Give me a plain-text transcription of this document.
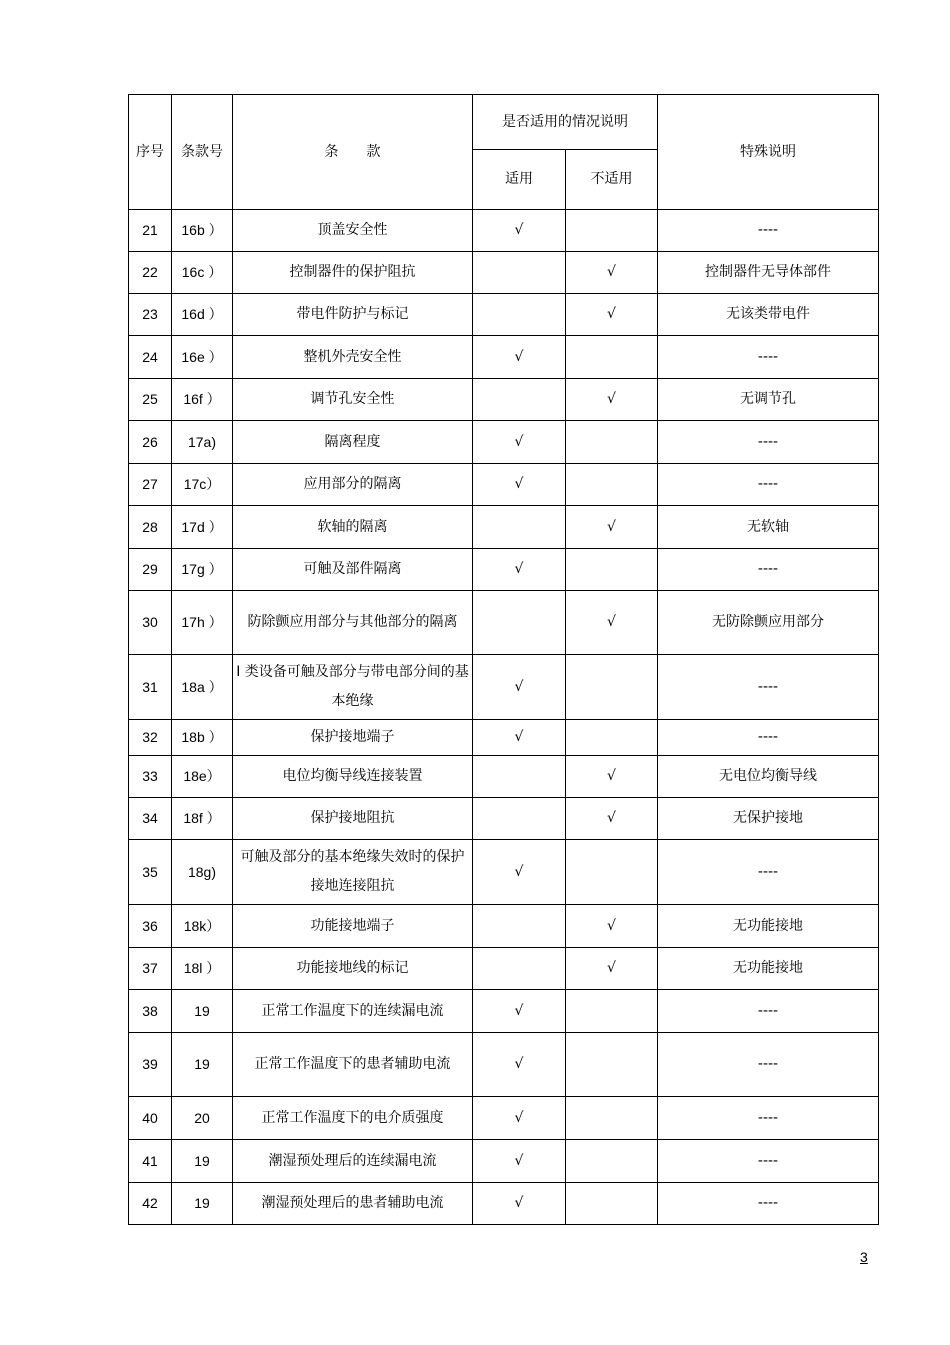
序号	条款号	条　　款	是否适用的情况说明		特殊说明
			适用	不适用	
21	16b ）	顶盖安全性	√		----
22	16c ）	控制器件的保护阻抗		√	控制器件无导体部件
23	16d ）	带电件防护与标记		√	无该类带电件
24	16e ）	整机外壳安全性	√		----
25	16f ）	调节孔安全性		√	无调节孔
26	17a)	隔离程度	√		----
27	17c）	应用部分的隔离	√		----
28	17d ）	软轴的隔离		√	无软轴
29	17g ）	可触及部件隔离	√		----
30	17h ）	防除颤应用部分与其他部分的隔离		√	无防除颤应用部分
31	18a ）	Ⅰ 类设备可触及部分与带电部分间的基本绝缘	√		----
32	18b ）	保护接地端子	√		----
33	18e）	电位均衡导线连接装置		√	无电位均衡导线
34	18f ）	保护接地阻抗		√	无保护接地
35	18g)	可触及部分的基本绝缘失效时的保护接地连接阻抗	√		----
36	18k）	功能接地端子		√	无功能接地
37	18l ）	功能接地线的标记		√	无功能接地
38	19	正常工作温度下的连续漏电流	√		----
39	19	正常工作温度下的患者辅助电流	√		----
40	20	正常工作温度下的电介质强度	√		----
41	19	潮湿预处理后的连续漏电流	√		----
42	19	潮湿预处理后的患者辅助电流	√		----
3
